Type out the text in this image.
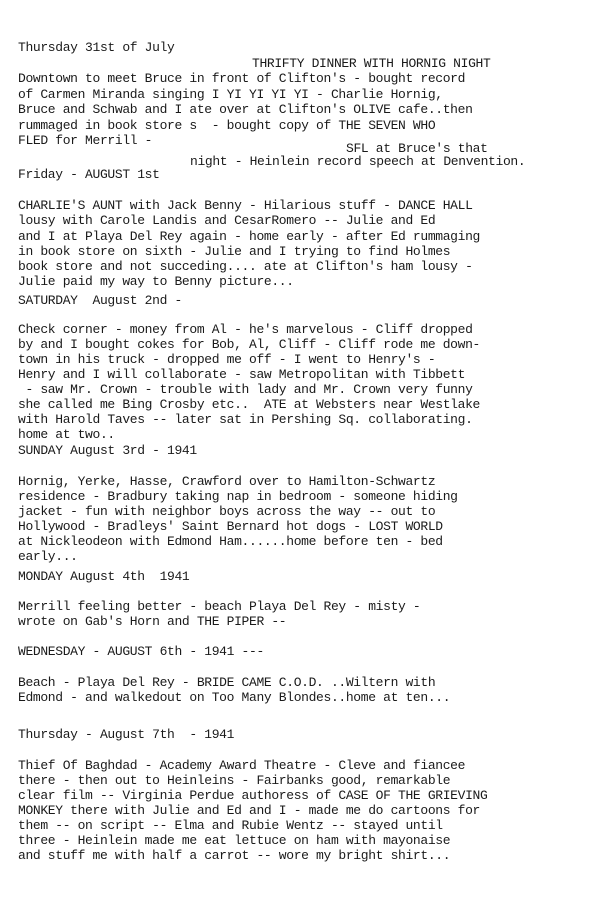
Thursday 31st of July
THRIFTY DINNER WITH HORNIG NIGHT
Downtown to meet Bruce in front of Clifton's - bought record
of Carmen Miranda singing I YI YI YI YI - Charlie Hornig,
Bruce and Schwab and I ate over at Clifton's OLIVE cafe..then
rummaged in book store s  - bought copy of THE SEVEN WHO
FLED for Merrill -
SFL at Bruce's that
night - Heinlein record speech at Denvention.
Friday - AUGUST 1st
CHARLIE'S AUNT with Jack Benny - Hilarious stuff - DANCE HALL
lousy with Carole Landis and CesarRomero -- Julie and Ed
and I at Playa Del Rey again - home early - after Ed rummaging
in book store on sixth - Julie and I trying to find Holmes
book store and not succeding.... ate at Clifton's ham lousy -
Julie paid my way to Benny picture...
SATURDAY  August 2nd -
Check corner - money from Al - he's marvelous - Cliff dropped
by and I bought cokes for Bob, Al, Cliff - Cliff rode me down-
town in his truck - dropped me off - I went to Henry's -
Henry and I will collaborate - saw Metropolitan with Tibbett
- saw Mr. Crown - trouble with lady and Mr. Crown very funny
she called me Bing Crosby etc..  ATE at Websters near Westlake
with Harold Taves -- later sat in Pershing Sq. collaborating.
home at two..
SUNDAY August 3rd - 1941
Hornig, Yerke, Hasse, Crawford over to Hamilton-Schwartz
residence - Bradbury taking nap in bedroom - someone hiding
jacket - fun with neighbor boys across the way -- out to
Hollywood - Bradleys' Saint Bernard hot dogs - LOST WORLD
at Nickleodeon with Edmond Ham......home before ten - bed
early...
MONDAY August 4th  1941
Merrill feeling better - beach Playa Del Rey - misty -
wrote on Gab's Horn and THE PIPER --
WEDNESDAY - AUGUST 6th - 1941 ---
Beach - Playa Del Rey - BRIDE CAME C.O.D. ..Wiltern with
Edmond - and walkedout on Too Many Blondes..home at ten...
Thursday - August 7th  - 1941
Thief Of Baghdad - Academy Award Theatre - Cleve and fiancee
there - then out to Heinleins - Fairbanks good, remarkable
clear film -- Virginia Perdue authoress of CASE OF THE GRIEVING
MONKEY there with Julie and Ed and I - made me do cartoons for
them -- on script -- Elma and Rubie Wentz -- stayed until
three - Heinlein made me eat lettuce on ham with mayonaise
and stuff me with half a carrot -- wore my bright shirt...
